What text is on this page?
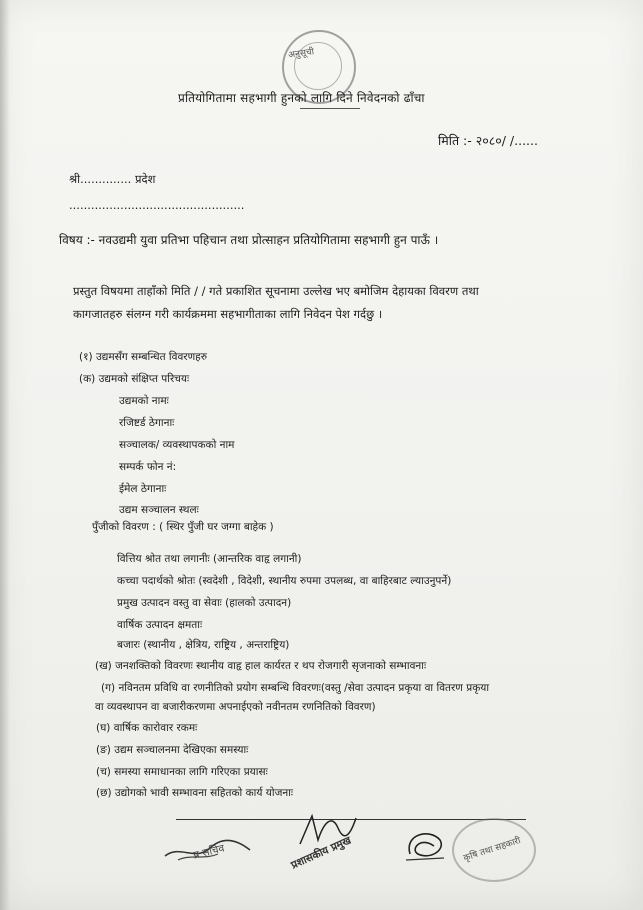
अनुसूची
प्रतियोगितामा सहभागी हुनको लागि दिने निवेदनको ढाँचा
मिति :- २०८०/ /......
श्री.............. प्रदेश
................................................
विषय :- नवउद्यमी युवा प्रतिभा पहिचान तथा प्रोत्साहन प्रतियोगितामा सहभागी हुन पाऊँ ।
प्रस्तुत विषयमा ताहाँको मिति / / गते प्रकाशित सूचनामा उल्लेख भए बमोजिम देहायका विवरण तथा
कागजातहरु संलग्न गरी कार्यक्रममा सहभागीताका लागि निवेदन पेश गर्दछु ।
(१) उद्यमसँग सम्बन्धित विवरणहरु
(क) उद्यमको संक्षिप्त परिचयः
उद्यमको नामः
रजिष्टर्ड ठेगानाः
सञ्चालक/ व्यवस्थापकको नाम
सम्पर्क फोन नं:
ईमेल ठेगानाः
उद्यम सञ्चालन स्थलः
पुँजीको विवरण : ( स्थिर पुँजी घर जग्गा बाहेक )
वित्तिय श्रोत तथा लगानीः (आन्तरिक वाहृ लगानी)
कच्चा पदार्थको श्रोतः (स्वदेशी , विदेशी, स्थानीय रुपमा उपलब्ध, वा बाहिरबाट ल्याउनुपर्ने)
प्रमुख उत्पादन वस्तु वा सेवाः (हालको उत्पादन)
वार्षिक उत्पादन क्षमताः
बजारः (स्थानीय , क्षेत्रिय, राष्ट्रिय , अन्तराष्ट्रिय)
(ख) जनशक्तिको विवरणः स्थानीय वाहृ हाल कार्यरत र थप रोजगारी सृजनाको सम्भावनाः
(ग) नविनतम प्रविधि वा रणनीतिको प्रयोग सम्बन्धि विवरणः(वस्तु /सेवा उत्पादन प्रकृया वा वितरण प्रकृया
वा व्यवस्थापन वा बजारीकरणमा अपनाईएको नवीनतम रणनितिको विवरण)
(घ) वार्षिक कारोवार रकमः
(ङ) उद्यम सञ्चालनमा देखिएका समस्याः
(च) समस्या समाधानका लागि गरिएका प्रयासः
(छ) उद्योगको भावी सम्भावना सहितको कार्य योजनाः
प्र सचिव	प्रशासकीय प्रमुख	कृषि तथा सहकारी
